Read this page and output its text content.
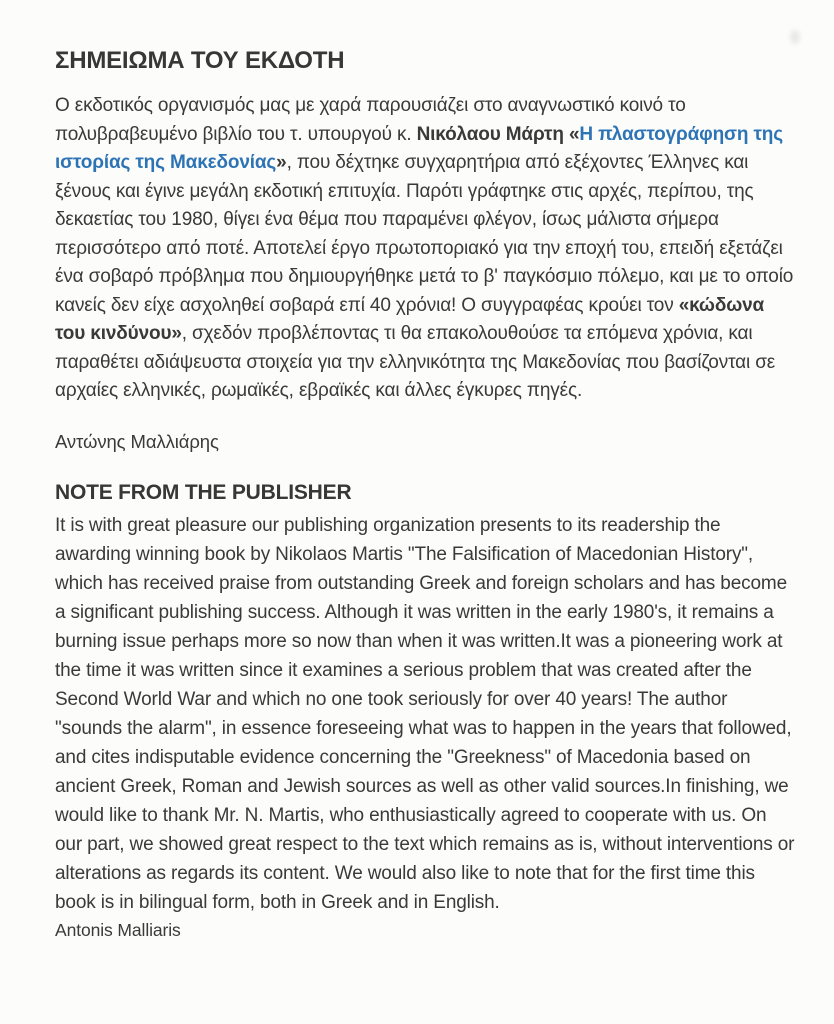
ΣΗΜΕΙΩΜΑ ΤΟΥ ΕΚΔΟΤΗ

Ο εκδοτικός οργανισμός μας με χαρά παρουσιάζει στο αναγνωστικό κοινό το πολυβραβευμένο βιβλίο του τ. υπουργού κ. Νικόλαου Μάρτη «Η πλαστογράφηση της ιστορίας της Μακεδονίας», που δέχτηκε συγχαρητήρια από εξέχοντες Έλληνες και ξένους και έγινε μεγάλη εκδοτική επιτυχία. Παρότι γράφτηκε στις αρχές, περίπου, της δεκαετίας του 1980, θίγει ένα θέμα που παραμένει φλέγον, ίσως μάλιστα σήμερα περισσότερο από ποτέ. Αποτελεί έργο πρωτοποριακό για την εποχή του, επειδή εξετάζει ένα σοβαρό πρόβλημα που δημιουργήθηκε μετά το β' παγκόσμιο πόλεμο, και με το οποίο κανείς δεν είχε ασχοληθεί σοβαρά επί 40 χρόνια! Ο συγγραφέας κρούει τον «κώδωνα του κινδύνου», σχεδόν προβλέποντας τι θα επακολουθούσε τα επόμενα χρόνια, και παραθέτει αδιάψευστα στοιχεία για την ελληνικότητα της Μακεδονίας που βασίζονται σε αρχαίες ελληνικές, ρωμαϊκές, εβραϊκές και άλλες έγκυρες πηγές.

Αντώνης Μαλλιάρης

NOTE FROM THE PUBLISHER

It is with great pleasure our publishing organization presents to its readership the awarding winning book by Nikolaos Martis "The Falsification of Macedonian History", which has received praise from outstanding Greek and foreign scholars and has become a significant publishing success. Although it was written in the early 1980's, it remains a burning issue perhaps more so now than when it was written.It was a pioneering work at the time it was written since it examines a serious problem that was created after the Second World War and which no one took seriously for over 40 years! The author "sounds the alarm", in essence foreseeing what was to happen in the years that followed, and cites indisputable evidence concerning the "Greekness" of Macedonia based on ancient Greek, Roman and Jewish sources as well as other valid sources.In finishing, we would like to thank Mr. N. Martis, who enthusiastically agreed to cooperate with us. On our part, we showed great respect to the text which remains as is, without interventions or alterations as regards its content. We would also like to note that for the first time this book is in bilingual form, both in Greek and in English.

Antonis Malliaris
